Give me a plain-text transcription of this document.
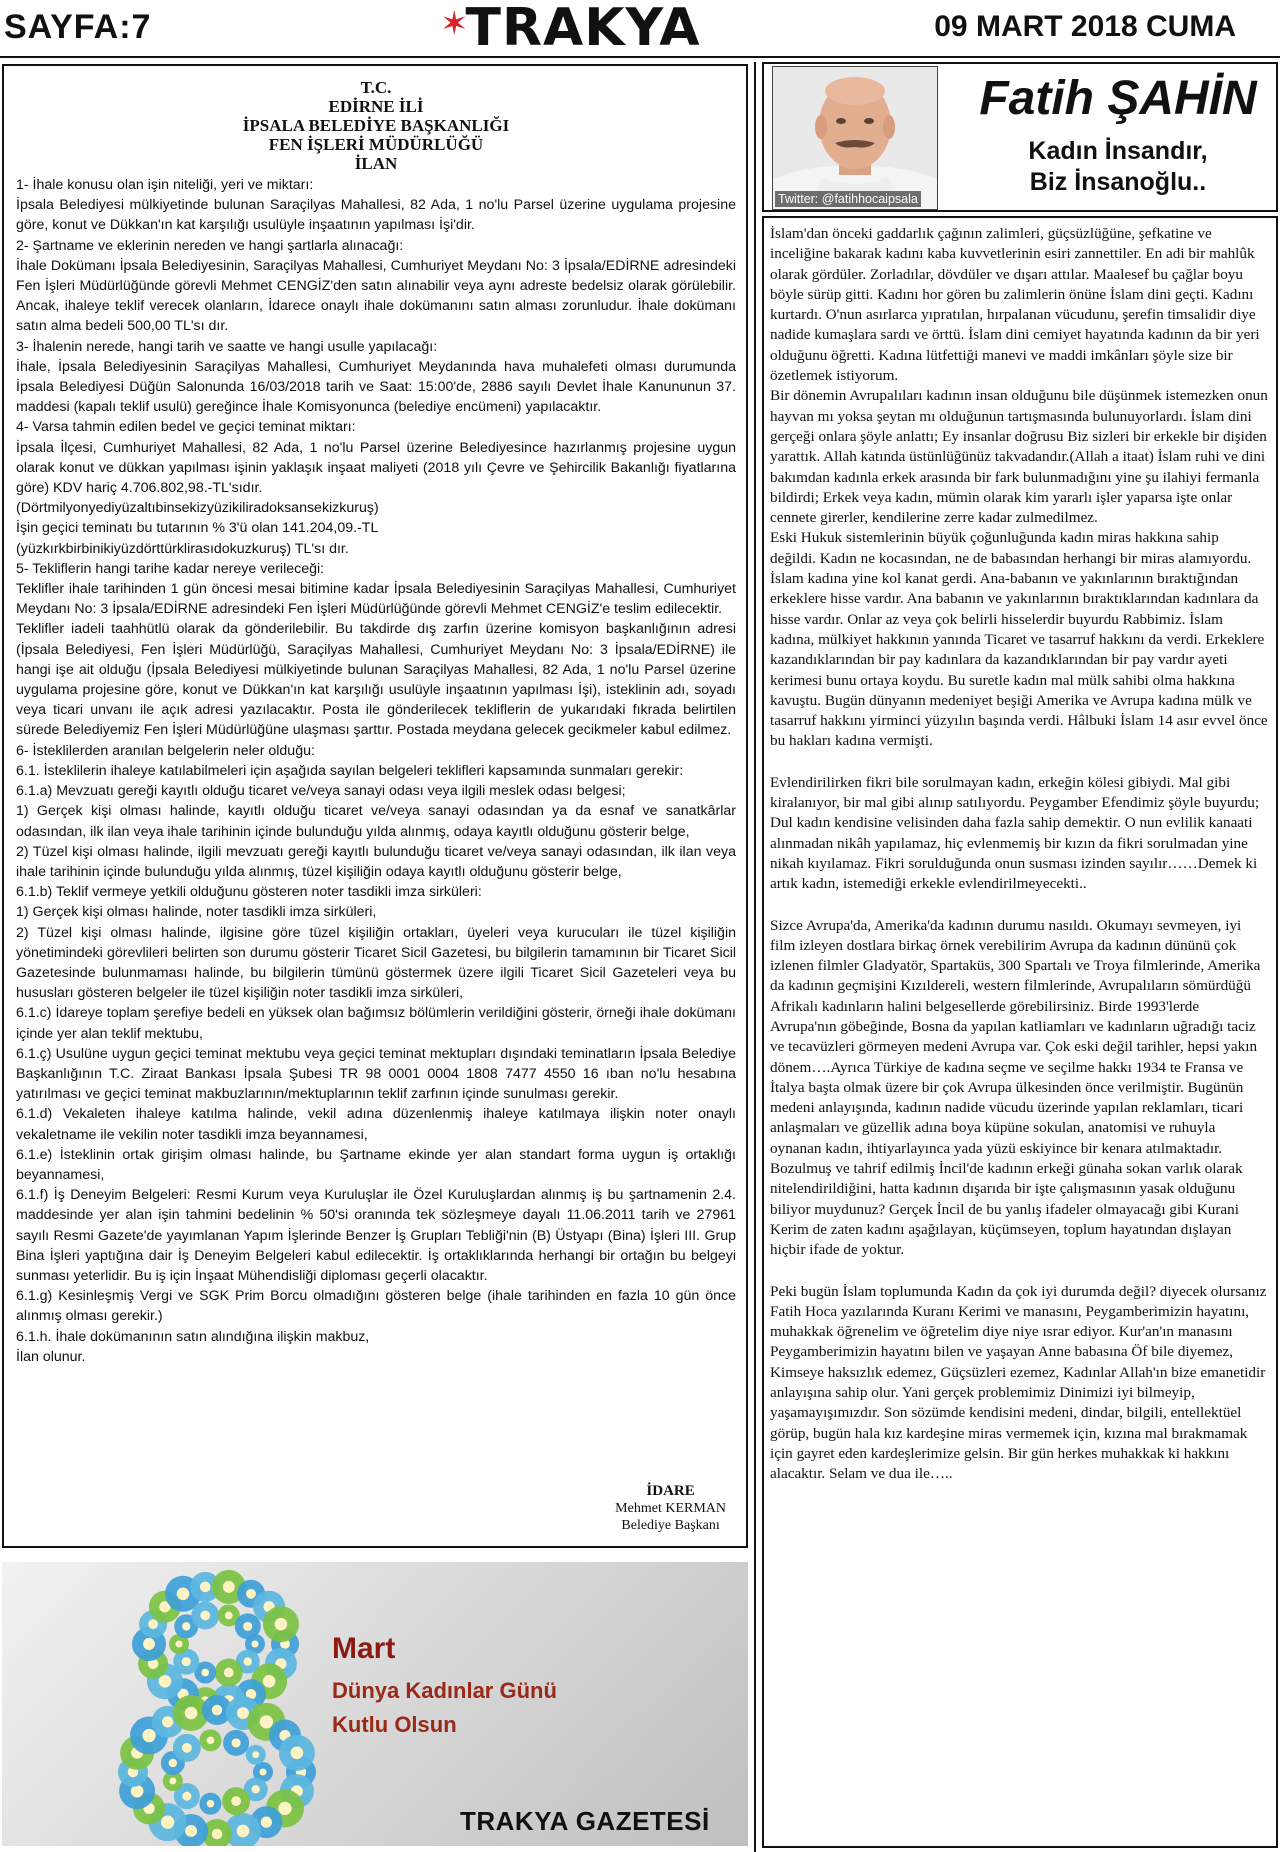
SAYFA:7	✶TRAKYA	09 MART 2018 CUMA
T.C.
EDİRNE İLİ
İPSALA BELEDİYE BAŞKANLIĞI
FEN İŞLERİ MÜDÜRLÜĞÜ
İLAN

1- İhale konusu olan işin niteliği, yeri ve miktarı:

İpsala Belediyesi mülkiyetinde bulunan Saraçilyas Mahallesi, 82 Ada, 1 no'lu Parsel üzerine uygulama projesine göre, konut ve Dükkan'ın kat karşılığı usulüyle inşaatının yapılması İşi'dir.

2- Şartname ve eklerinin nereden ve hangi şartlarla alınacağı:

İhale Dokümanı İpsala Belediyesinin, Saraçilyas Mahallesi, Cumhuriyet Meydanı No: 3 İpsala/EDİRNE adresindeki Fen İşleri Müdürlüğünde görevli Mehmet CENGİZ'den satın alınabilir veya aynı adreste bedelsiz olarak görülebilir. Ancak, ihaleye teklif verecek olanların, İdarece onaylı ihale dokümanını satın alması zorunludur. İhale dokümanı satın alma bedeli 500,00 TL'sı dır.

3- İhalenin nerede, hangi tarih ve saatte ve hangi usulle yapılacağı:

İhale, İpsala Belediyesinin Saraçilyas Mahallesi, Cumhuriyet Meydanında hava muhalefeti olması durumunda İpsala Belediyesi Düğün Salonunda 16/03/2018 tarih ve Saat: 15:00'de, 2886 sayılı Devlet İhale Kanununun 37. maddesi (kapalı teklif usulü) gereğince İhale Komisyonunca (belediye encümeni) yapılacaktır.

4- Varsa tahmin edilen bedel ve geçici teminat miktarı:

İpsala İlçesi, Cumhuriyet Mahallesi, 82 Ada, 1 no'lu Parsel üzerine Belediyesince hazırlanmış projesine uygun olarak konut ve dükkan yapılması işinin yaklaşık inşaat maliyeti (2018 yılı Çevre ve Şehircilik Bakanlığı fiyatlarına göre) KDV hariç 4.706.802,98.-TL'sıdır.

(Dörtmilyonyediyüzaltıbinsekizyüzikiliradoksansekizkuruş)

İşin geçici teminatı bu tutarının % 3'ü olan 141.204,09.-TL

(yüzkırkbirbinikiyüzdörttürklirasıdokuzkuruş) TL'sı dır.

5- Tekliflerin hangi tarihe kadar nereye verileceği:

Teklifler ihale tarihinden 1 gün öncesi mesai bitimine kadar İpsala Belediyesinin Saraçilyas Mahallesi, Cumhuriyet Meydanı No: 3 İpsala/EDİRNE adresindeki Fen İşleri Müdürlüğünde görevli Mehmet CENGİZ'e teslim edilecektir.

Teklifler iadeli taahhütlü olarak da gönderilebilir. Bu takdirde dış zarfın üzerine komisyon başkanlığının adresi (İpsala Belediyesi, Fen İşleri Müdürlüğü, Saraçilyas Mahallesi, Cumhuriyet Meydanı No: 3 İpsala/EDİRNE) ile hangi işe ait olduğu (İpsala Belediyesi mülkiyetinde bulunan Saraçilyas Mahallesi, 82 Ada, 1 no'lu Parsel üzerine uygulama projesine göre, konut ve Dükkan'ın kat karşılığı usulüyle inşaatının yapılması İşi), isteklinin adı, soyadı veya ticari unvanı ile açık adresi yazılacaktır. Posta ile gönderilecek tekliflerin de yukarıdaki fıkrada belirtilen sürede Belediyemiz Fen İşleri Müdürlüğüne ulaşması şarttır. Postada meydana gelecek gecikmeler kabul edilmez.

6- İsteklilerden aranılan belgelerin neler olduğu:

6.1. İsteklilerin ihaleye katılabilmeleri için aşağıda sayılan belgeleri teklifleri kapsamında sunmaları gerekir:

6.1.a) Mevzuatı gereği kayıtlı olduğu ticaret ve/veya sanayi odası veya ilgili meslek odası belgesi;

1) Gerçek kişi olması halinde, kayıtlı olduğu ticaret ve/veya sanayi odasından ya da esnaf ve sanatkârlar odasından, ilk ilan veya ihale tarihinin içinde bulunduğu yılda alınmış, odaya kayıtlı olduğunu gösterir belge,

2) Tüzel kişi olması halinde, ilgili mevzuatı gereği kayıtlı bulunduğu ticaret ve/veya sanayi odasından, ilk ilan veya ihale tarihinin içinde bulunduğu yılda alınmış, tüzel kişiliğin odaya kayıtlı olduğunu gösterir belge,

6.1.b) Teklif vermeye yetkili olduğunu gösteren noter tasdikli imza sirküleri:

1) Gerçek kişi olması halinde, noter tasdikli imza sirküleri,

2) Tüzel kişi olması halinde, ilgisine göre tüzel kişiliğin ortakları, üyeleri veya kurucuları ile tüzel kişiliğin yönetimindeki görevlileri belirten son durumu gösterir Ticaret Sicil Gazetesi, bu bilgilerin tamamının bir Ticaret Sicil Gazetesinde bulunmaması halinde, bu bilgilerin tümünü göstermek üzere ilgili Ticaret Sicil Gazeteleri veya bu hususları gösteren belgeler ile tüzel kişiliğin noter tasdikli imza sirküleri,

6.1.c) İdareye toplam şerefiye bedeli en yüksek olan bağımsız bölümlerin verildiğini gösterir, örneği ihale dokümanı içinde yer alan teklif mektubu,

6.1.ç) Usulüne uygun geçici teminat mektubu veya geçici teminat mektupları dışındaki teminatların İpsala Belediye Başkanlığının T.C. Ziraat Bankası İpsala Şubesi TR 98 0001 0004 1808 7477 4550 16 ıban no'lu hesabına yatırılması ve geçici teminat makbuzlarının/mektuplarının teklif zarfının içinde sunulması gerekir.

6.1.d) Vekaleten ihaleye katılma halinde, vekil adına düzenlenmiş ihaleye katılmaya ilişkin noter onaylı vekaletname ile vekilin noter tasdikli imza beyannamesi,

6.1.e) İsteklinin ortak girişim olması halinde, bu Şartname ekinde yer alan standart forma uygun iş ortaklığı beyannamesi,

6.1.f) İş Deneyim Belgeleri: Resmi Kurum veya Kuruluşlar ile Özel Kuruluşlardan alınmış iş bu şartnamenin 2.4. maddesinde yer alan işin tahmini bedelinin % 50'si oranında tek sözleşmeye dayalı 11.06.2011 tarih ve 27961 sayılı Resmi Gazete'de yayımlanan Yapım İşlerinde Benzer İş Grupları Tebliği'nin (B) Üstyapı (Bina) İşleri III. Grup Bina İşleri yaptığına dair İş Deneyim Belgeleri kabul edilecektir. İş ortaklıklarında herhangi bir ortağın bu belgeyi sunması yeterlidir. Bu iş için İnşaat Mühendisliği diploması geçerli olacaktır.

6.1.g) Kesinleşmiş Vergi ve SGK Prim Borcu olmadığını gösteren belge (ihale tarihinden en fazla 10 gün önce alınmış olması gerekir.)

6.1.h. İhale dokümanının satın alındığına ilişkin makbuz,

İlan olunur.

İDARE
Mehmet KERMAN
Belediye Başkanı
Mart
Dünya Kadınlar Günü
Kutlu Olsun
TRAKYA GAZETESİ
Twitter: @fatihhocaipsala
Fatih ŞAHİN
Kadın İnsandır,
Biz İnsanoğlu..

İslam'dan önceki gaddarlık çağının zalimleri, güçsüzlüğüne, şefkatine ve inceliğine bakarak kadını kaba kuvvetlerinin esiri zannettiler. En adi bir mahlûk olarak gördüler. Zorladılar, dövdüler ve dışarı attılar. Maalesef bu çağlar boyu böyle sürüp gitti. Kadını hor gören bu zalimlerin önüne İslam dini geçti. Kadını kurtardı. O'nun asırlarca yıpratılan, hırpalanan vücudunu, şerefin timsalidir diye nadide kumaşlara sardı ve örttü. İslam dini cemiyet hayatında kadının da bir yeri olduğunu öğretti. Kadına lütfettiği manevi ve maddi imkânları şöyle size bir özetlemek istiyorum.

Bir dönemin Avrupalıları kadının insan olduğunu bile düşünmek istemezken onun hayvan mı yoksa şeytan mı olduğunun tartışmasında bulunuyorlardı. İslam dini gerçeği onlara şöyle anlattı; Ey insanlar doğrusu Biz sizleri bir erkekle bir dişiden yarattık. Allah katında üstünlüğünüz takvadandır.(Allah a itaat) İslam ruhi ve dini bakımdan kadınla erkek arasında bir fark bulunmadığını yine şu ilahiyi fermanla bildirdi; Erkek veya kadın, mümin olarak kim yararlı işler yaparsa işte onlar cennete girerler, kendilerine zerre kadar zulmedilmez.

Eski Hukuk sistemlerinin büyük çoğunluğunda kadın miras hakkına sahip değildi. Kadın ne kocasından, ne de babasından herhangi bir miras alamıyordu. İslam kadına yine kol kanat gerdi. Ana-babanın ve yakınlarının bıraktığından erkeklere hisse vardır. Ana babanın ve yakınlarının bıraktıklarından kadınlara da hisse vardır. Onlar az veya çok belirli hisselerdir buyurdu Rabbimiz. İslam kadına, mülkiyet hakkının yanında Ticaret ve tasarruf hakkını da verdi. Erkeklere kazandıklarından bir pay kadınlara da kazandıklarından bir pay vardır ayeti kerimesi bunu ortaya koydu. Bu suretle kadın mal mülk sahibi olma hakkına kavuştu. Bugün dünyanın medeniyet beşiği Amerika ve Avrupa kadına mülk ve tasarruf hakkını yirminci yüzyılın başında verdi. Hâlbuki İslam 14 asır evvel önce bu hakları kadına vermişti.

Evlendirilirken fikri bile sorulmayan kadın, erkeğin kölesi gibiydi. Mal gibi kiralanıyor, bir mal gibi alınıp satılıyordu. Peygamber Efendimiz şöyle buyurdu; Dul kadın kendisine velisinden daha fazla sahip demektir. O nun evlilik kanaati alınmadan nikâh yapılamaz, hiç evlenmemiş bir kızın da fikri sorulmadan yine nikah kıyılamaz. Fikri sorulduğunda onun susması izinden sayılır……Demek ki artık kadın, istemediği erkekle evlendirilmeyecekti..

Sizce Avrupa'da, Amerika'da kadının durumu nasıldı. Okumayı sevmeyen, iyi film izleyen dostlara birkaç örnek verebilirim Avrupa da kadının dününü çok izlenen filmler Gladyatör, Spartaküs, 300 Spartalı ve Troya filmlerinde, Amerika da kadının geçmişini Kızıldereli, western filmlerinde, Avrupalıların sömürdüğü Afrikalı kadınların halini belgesellerde görebilirsiniz. Birde 1993'lerde Avrupa'nın göbeğinde, Bosna da yapılan katliamları ve kadınların uğradığı taciz ve tecavüzleri görmeyen medeni Avrupa var. Çok eski değil tarihler, hepsi yakın dönem….Ayrıca Türkiye de kadına seçme ve seçilme hakkı 1934 te Fransa ve İtalya başta olmak üzere bir çok Avrupa ülkesinden önce verilmiştir. Bugünün medeni anlayışında, kadının nadide vücudu üzerinde yapılan reklamları, ticari anlaşmaları ve güzellik adına boya küpüne sokulan, anatomisi ve ruhuyla oynanan kadın, ihtiyarlayınca yada yüzü eskiyince bir kenara atılmaktadır. Bozulmuş ve tahrif edilmiş İncil'de kadının erkeği günaha sokan varlık olarak nitelendirildiğini, hatta kadının dışarıda bir işte çalışmasının yasak olduğunu biliyor muydunuz? Gerçek İncil de bu yanlış ifadeler olmayacağı gibi Kurani Kerim de zaten kadını aşağılayan, küçümseyen, toplum hayatından dışlayan hiçbir ifade de yoktur.

Peki bugün İslam toplumunda Kadın da çok iyi durumda değil? diyecek olursanız Fatih Hoca yazılarında Kuranı Kerimi ve manasını, Peygamberimizin hayatını, muhakkak öğrenelim ve öğretelim diye niye ısrar ediyor. Kur'an'ın manasını Peygamberimizin hayatını bilen ve yaşayan Anne babasına Öf bile diyemez, Kimseye haksızlık edemez, Güçsüzleri ezemez, Kadınlar Allah'ın bize emanetidir anlayışına sahip olur. Yani gerçek problemimiz Dinimizi iyi bilmeyip, yaşamayışımızdır. Son sözümde kendisini medeni, dindar, bilgili, entellektüel görüp, bugün hala kız kardeşine miras vermemek için, kızına mal bırakmamak için gayret eden kardeşlerimize gelsin. Bir gün herkes muhakkak ki hakkını alacaktır. Selam ve dua ile…..
